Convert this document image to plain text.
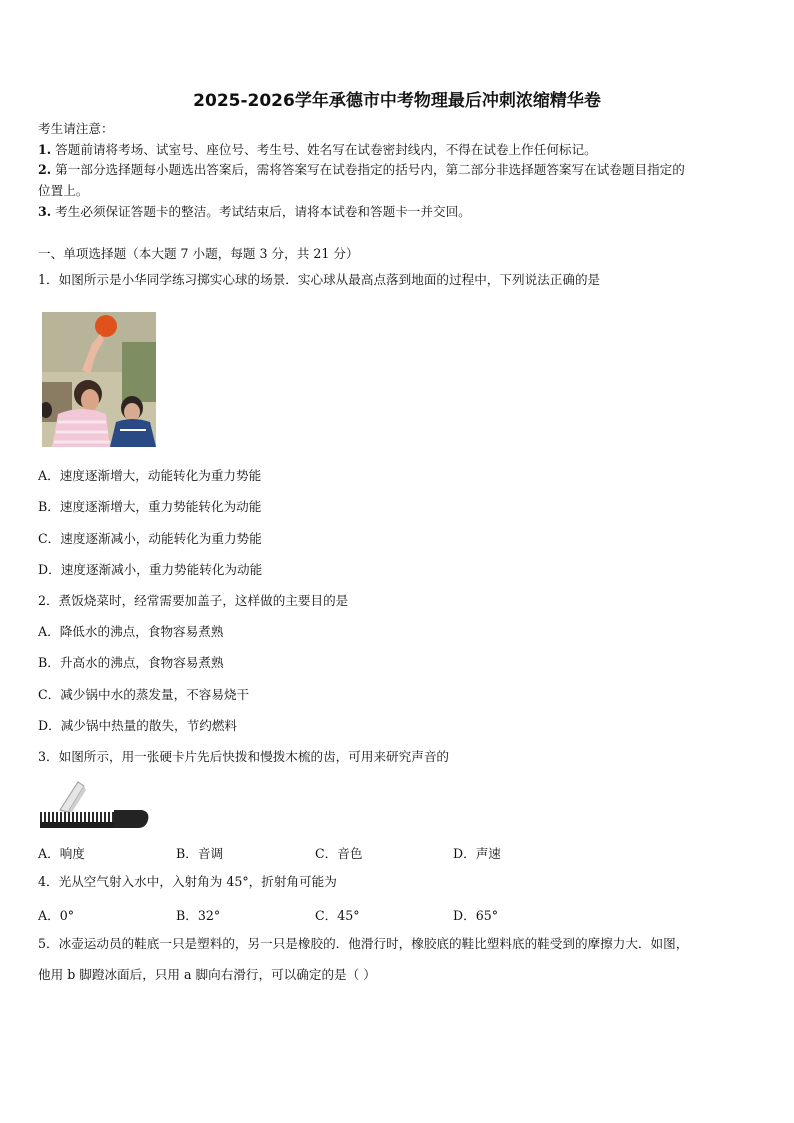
2025-2026学年承德市中考物理最后冲刺浓缩精华卷
考生请注意：
1. 答题前请将考场、试室号、座位号、考生号、姓名写在试卷密封线内，不得在试卷上作任何标记。
2. 第一部分选择题每小题选出答案后，需将答案写在试卷指定的括号内，第二部分非选择题答案写在试卷题目指定的
位置上。
3. 考生必须保证答题卡的整洁。考试结束后，请将本试卷和答题卡一并交回。
一、单项选择题（本大题 7 小题，每题 3 分，共 21 分）
1．如图所示是小华同学练习掷实心球的场景．实心球从最高点落到地面的过程中，下列说法正确的是
A．速度逐渐增大，动能转化为重力势能
B．速度逐渐增大，重力势能转化为动能
C．速度逐渐减小，动能转化为重力势能
D．速度逐渐减小，重力势能转化为动能
2．煮饭烧菜时，经常需要加盖子，这样做的主要目的是
A．降低水的沸点，食物容易煮熟
B．升高水的沸点，食物容易煮熟
C．减少锅中水的蒸发量，不容易烧干
D．减少锅中热量的散失，节约燃料
3．如图所示，用一张硬卡片先后快拨和慢拨木梳的齿，可用来研究声音的
A．响度	B．音调	C．音色	D．声速
4．光从空气射入水中，入射角为 45°，折射角可能为
A．0°	B．32°	C．45°	D．65°
5．冰壶运动员的鞋底一只是塑料的，另一只是橡胶的．他滑行时，橡胶底的鞋比塑料底的鞋受到的摩擦力大．如图，
他用 b 脚蹬冰面后，只用 a 脚向右滑行，可以确定的是（ ）
